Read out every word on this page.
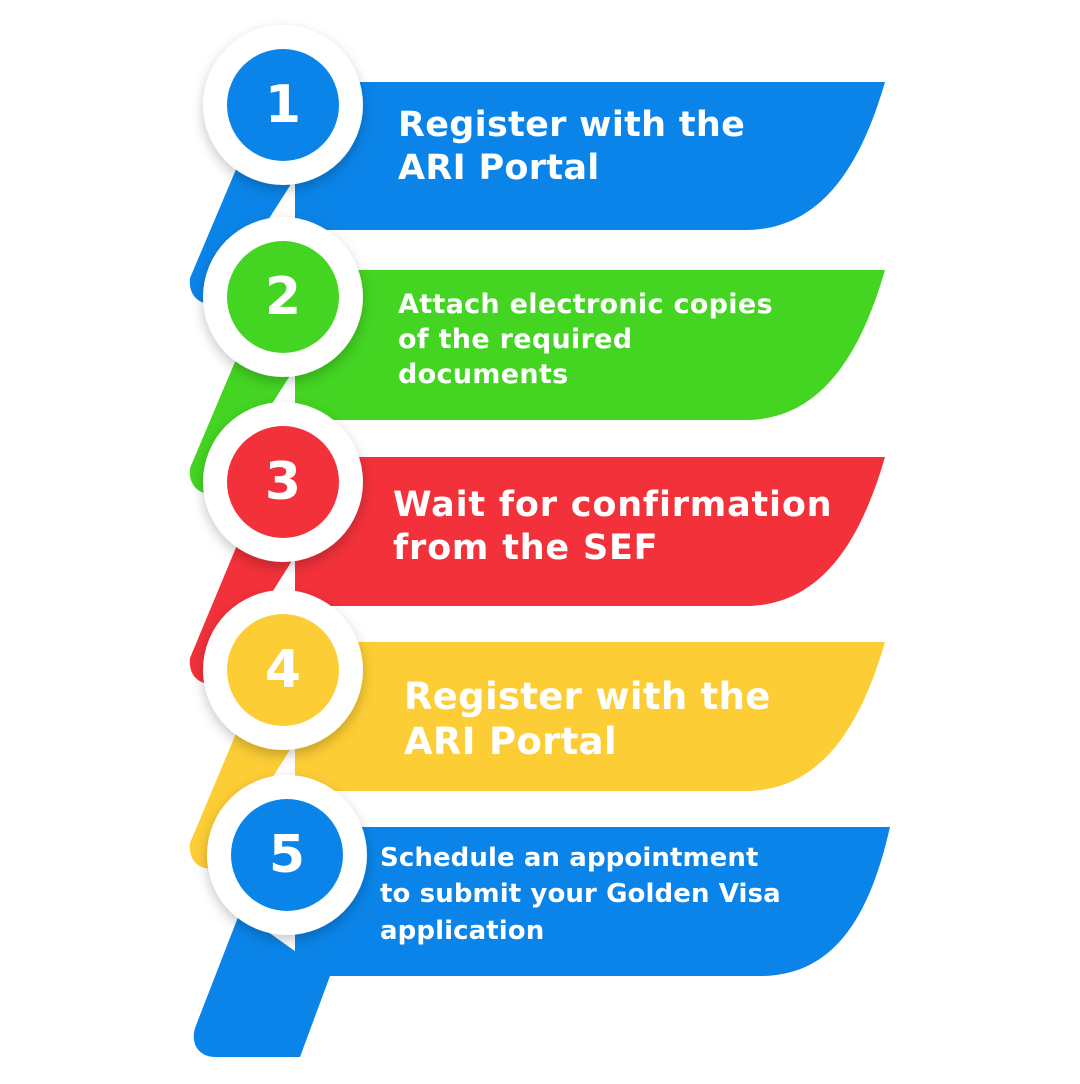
1
2
3
4
5
Register with the
ARI Portal
Attach electronic copies
of the required
documents
Wait for confirmation
from the SEF
Register with the
ARI Portal
Schedule an appointment
to submit your Golden Visa
application
